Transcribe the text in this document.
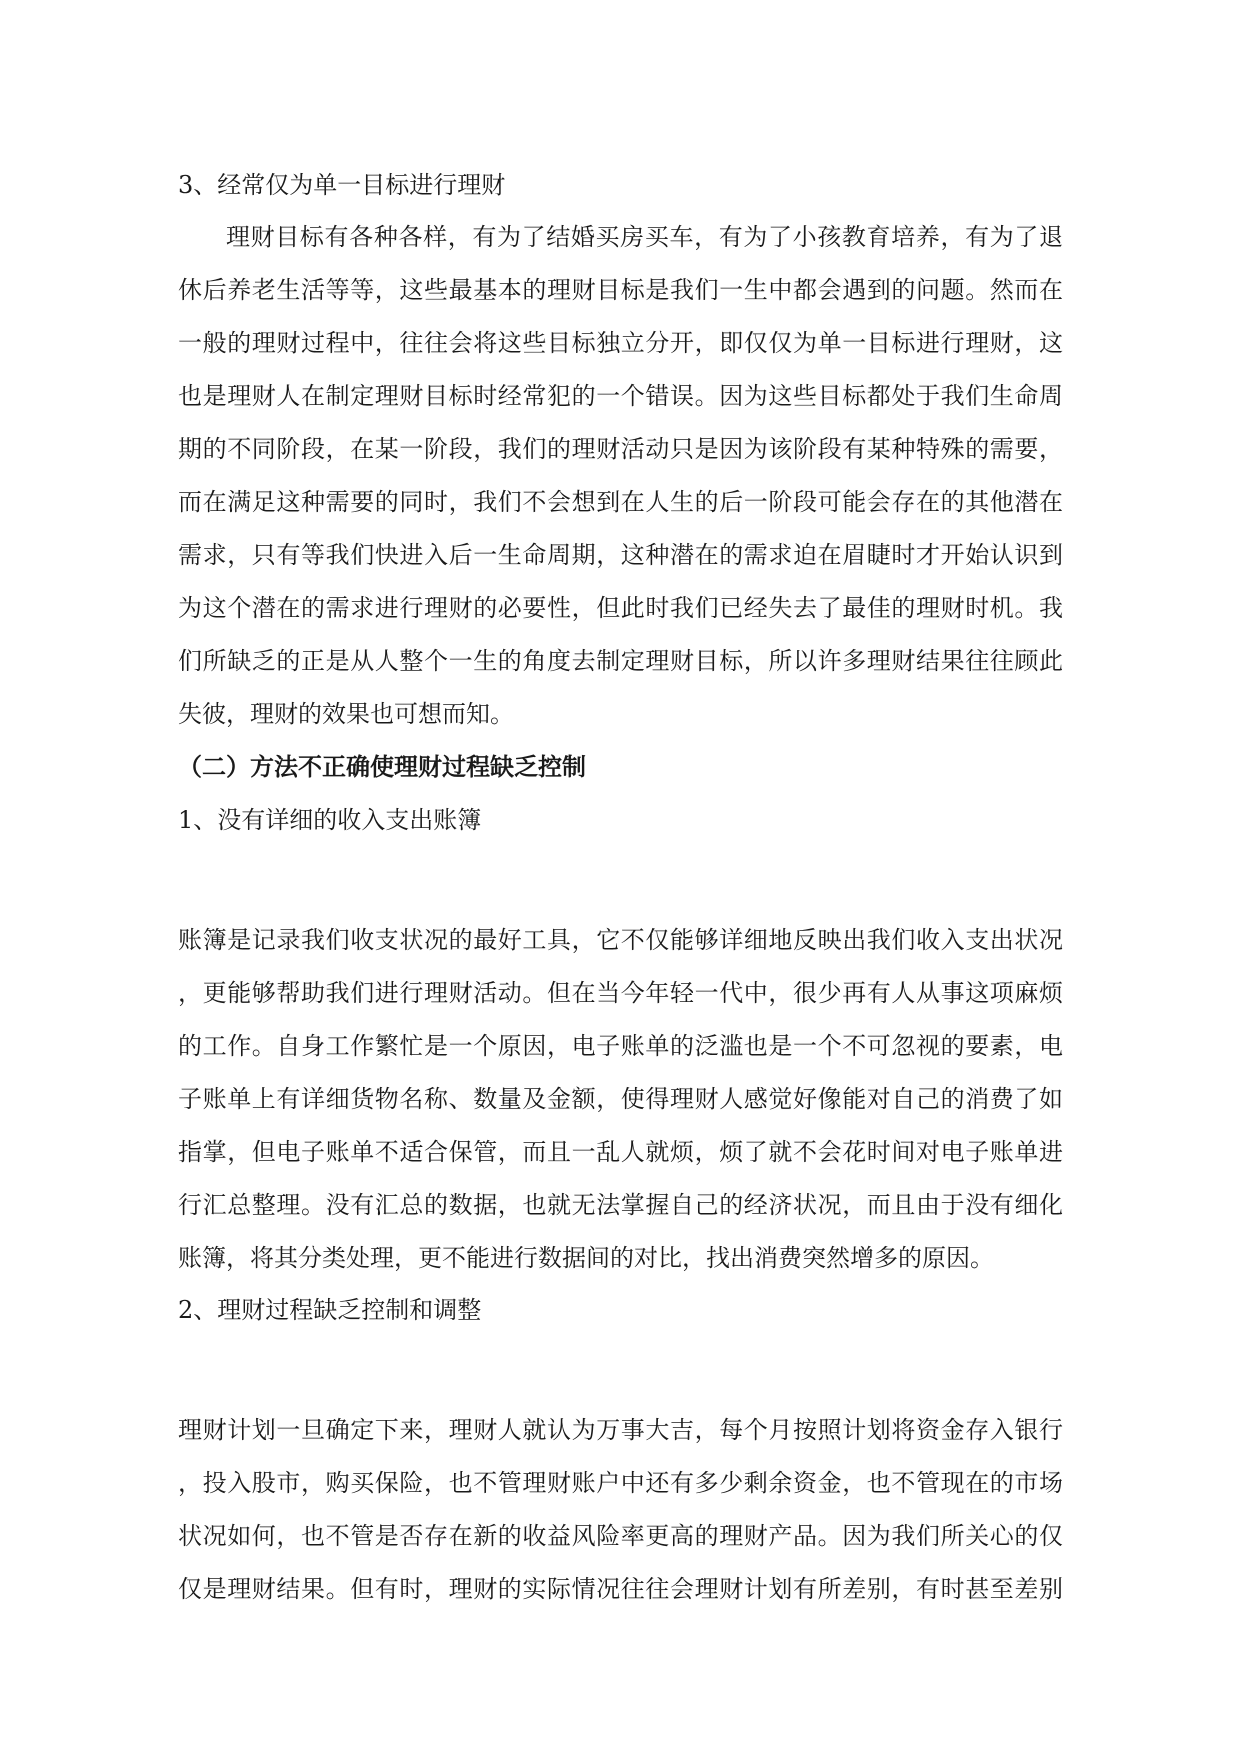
3、经常仅为单一目标进行理财
理财目标有各种各样，有为了结婚买房买车，有为了小孩教育培养，有为了退
休后养老生活等等，这些最基本的理财目标是我们一生中都会遇到的问题。然而在
一般的理财过程中，往往会将这些目标独立分开，即仅仅为单一目标进行理财，这
也是理财人在制定理财目标时经常犯的一个错误。因为这些目标都处于我们生命周
期的不同阶段，在某一阶段，我们的理财活动只是因为该阶段有某种特殊的需要，
而在满足这种需要的同时，我们不会想到在人生的后一阶段可能会存在的其他潜在
需求，只有等我们快进入后一生命周期，这种潜在的需求迫在眉睫时才开始认识到
为这个潜在的需求进行理财的必要性，但此时我们已经失去了最佳的理财时机。我
们所缺乏的正是从人整个一生的角度去制定理财目标，所以许多理财结果往往顾此
失彼，理财的效果也可想而知。
（二）方法不正确使理财过程缺乏控制
1、没有详细的收入支出账簿
账簿是记录我们收支状况的最好工具，它不仅能够详细地反映出我们收入支出状况
，更能够帮助我们进行理财活动。但在当今年轻一代中，很少再有人从事这项麻烦
的工作。自身工作繁忙是一个原因，电子账单的泛滥也是一个不可忽视的要素，电
子账单上有详细货物名称、数量及金额，使得理财人感觉好像能对自己的消费了如
指掌，但电子账单不适合保管，而且一乱人就烦，烦了就不会花时间对电子账单进
行汇总整理。没有汇总的数据，也就无法掌握自己的经济状况，而且由于没有细化
账簿，将其分类处理，更不能进行数据间的对比，找出消费突然增多的原因。
2、理财过程缺乏控制和调整
理财计划一旦确定下来，理财人就认为万事大吉，每个月按照计划将资金存入银行
，投入股市，购买保险，也不管理财账户中还有多少剩余资金，也不管现在的市场
状况如何，也不管是否存在新的收益风险率更高的理财产品。因为我们所关心的仅
仅是理财结果。但有时，理财的实际情况往往会理财计划有所差别，有时甚至差别
